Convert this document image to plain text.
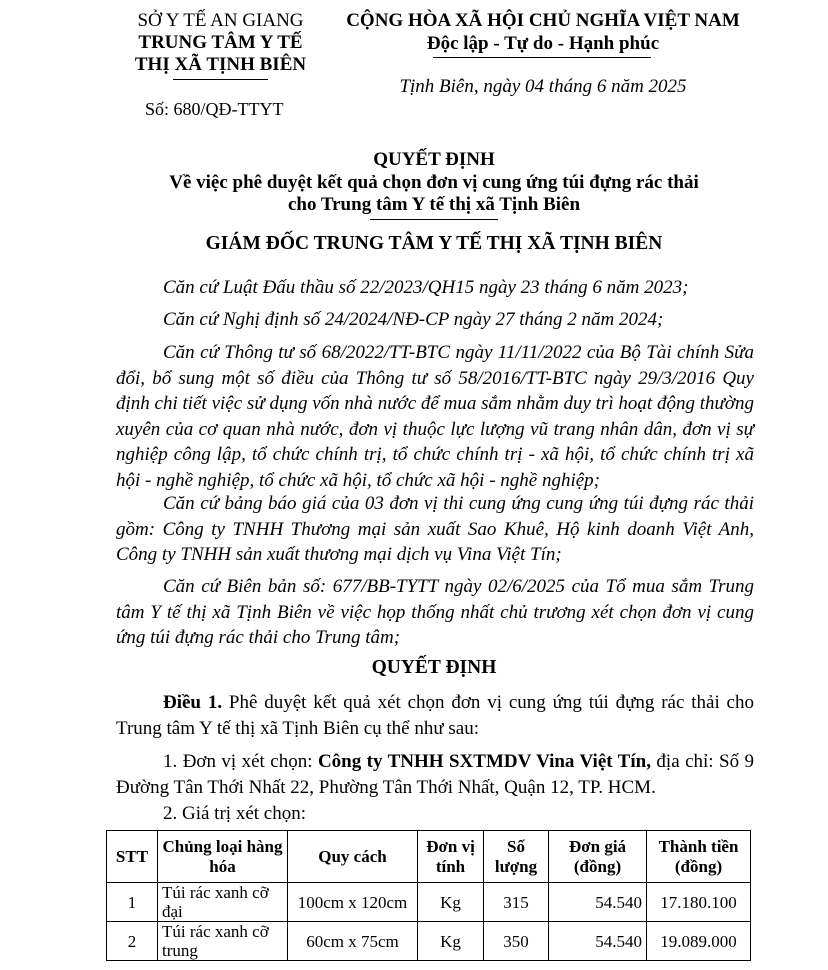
SỞ Y TẾ AN GIANG
TRUNG TÂM Y TẾ
THỊ XÃ TỊNH BIÊN
Số: 680/QĐ-TTYT
CỘNG HÒA XÃ HỘI CHỦ NGHĨA VIỆT NAM
Độc lập - Tự do - Hạnh phúc
Tịnh Biên, ngày 04 tháng 6 năm 2025
QUYẾT ĐỊNH
Về việc phê duyệt kết quả chọn đơn vị cung ứng túi đựng rác thải
cho Trung tâm Y tế thị xã Tịnh Biên
GIÁM ĐỐC TRUNG TÂM Y TẾ THỊ XÃ TỊNH BIÊN
Căn cứ Luật Đấu thầu số 22/2023/QH15 ngày 23 tháng 6 năm 2023;
Căn cứ Nghị định số 24/2024/NĐ-CP ngày 27 tháng 2 năm 2024;
Căn cứ Thông tư số 68/2022/TT-BTC ngày 11/11/2022 của Bộ Tài chính Sửa đổi, bổ sung một số điều của Thông tư số 58/2016/TT-BTC ngày 29/3/2016 Quy định chi tiết việc sử dụng vốn nhà nước để mua sắm nhằm duy trì hoạt động thường xuyên của cơ quan nhà nước, đơn vị thuộc lực lượng vũ trang nhân dân, đơn vị sự nghiệp công lập, tổ chức chính trị, tổ chức chính trị - xã hội, tổ chức chính trị xã hội - nghề nghiệp, tổ chức xã hội, tổ chức xã hội - nghề nghiệp;
Căn cứ bảng báo giá của 03 đơn vị thi cung ứng cung ứng túi đựng rác thải gồm: Công ty TNHH Thương mại sản xuất Sao Khuê, Hộ kinh doanh Việt Anh, Công ty TNHH sản xuất thương mại dịch vụ Vina Việt Tín;
Căn cứ Biên bản số: 677/BB-TYTT ngày 02/6/2025 của Tổ mua sắm Trung tâm Y tế thị xã Tịnh Biên về việc họp thống nhất chủ trương xét chọn đơn vị cung ứng túi đựng rác thải cho Trung tâm;
QUYẾT ĐỊNH
Điều 1. Phê duyệt kết quả xét chọn đơn vị cung ứng túi đựng rác thải cho Trung tâm Y tế thị xã Tịnh Biên cụ thể như sau:
1. Đơn vị xét chọn: Công ty TNHH SXTMDV Vina Việt Tín, địa chỉ: Số 9 Đường Tân Thới Nhất 22, Phường Tân Thới Nhất, Quận 12, TP. HCM.
2. Giá trị xét chọn:
STT	Chủng loại hàng hóa	Quy cách	Đơn vị tính	Số lượng	Đơn giá (đồng)	Thành tiền (đồng)
1	Túi rác xanh cỡ đại	100cm x 120cm	Kg	315	54.540	17.180.100
2	Túi rác xanh cỡ trung	60cm x 75cm	Kg	350	54.540	19.089.000
